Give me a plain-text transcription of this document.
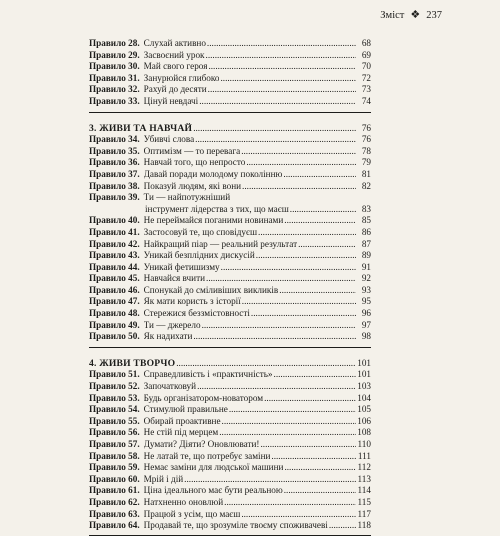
Зміст ❖ 237
Правило 28. Слухай активно .....	68
Правило 29. Засвоєний урок .....	69
Правило 30. Май свого героя .....	70
Правило 31. Занурюйся глибоко .....	72
Правило 32. Рахуй до десяти .....	73
Правило 33. Цінуй невдачі .....	74
3. ЖИВИ ТА НАВЧАЙ .....	76
Правило 34. Убивчі слова .....	76
Правило 35. Оптимізм — то перевага .....	78
Правило 36. Навчай того, що непросто .....	79
Правило 37. Давай поради молодому поколінню .....	81
Правило 38. Показуй людям, які вони .....	82
Правило 39. Ти — найпотужніший
інструмент лідерства з тих, що маєш .....	83
Правило 40. Не переймайся поганими новинами .....	85
Правило 41. Застосовуй те, що сповідуєш .....	86
Правило 42. Найкращий піар — реальний результат .....	87
Правило 43. Уникай безплідних дискусій .....	89
Правило 44. Уникай фетишизму .....	91
Правило 45. Навчайся вчити .....	92
Правило 46. Спонукай до сміливіших викликів .....	93
Правило 47. Як мати користь з історії .....	95
Правило 48. Стережися беззмістовності .....	96
Правило 49. Ти — джерело .....	97
Правило 50. Як надихати .....	98
4. ЖИВИ ТВОРЧО .....	101
Правило 51. Справедливість і «практичність» .....	101
Правило 52. Започатковуй .....	103
Правило 53. Будь організатором-новатором .....	104
Правило 54. Стимулюй правильне .....	105
Правило 55. Обирай проактивне .....	106
Правило 56. Не стій під мерцем .....	108
Правило 57. Думати? Діяти? Оновлювати! .....	110
Правило 58. Не латай те, що потребує заміни .....	111
Правило 59. Немає заміни для людської машини .....	112
Правило 60. Мрій і дій .....	113
Правило 61. Ціна ідеального має бути реальною .....	114
Правило 62. Натхненно оновлюй .....	115
Правило 63. Працюй з усім, що маєш .....	117
Правило 64. Продавай те, що зрозуміле твоєму споживачеві .....	118
